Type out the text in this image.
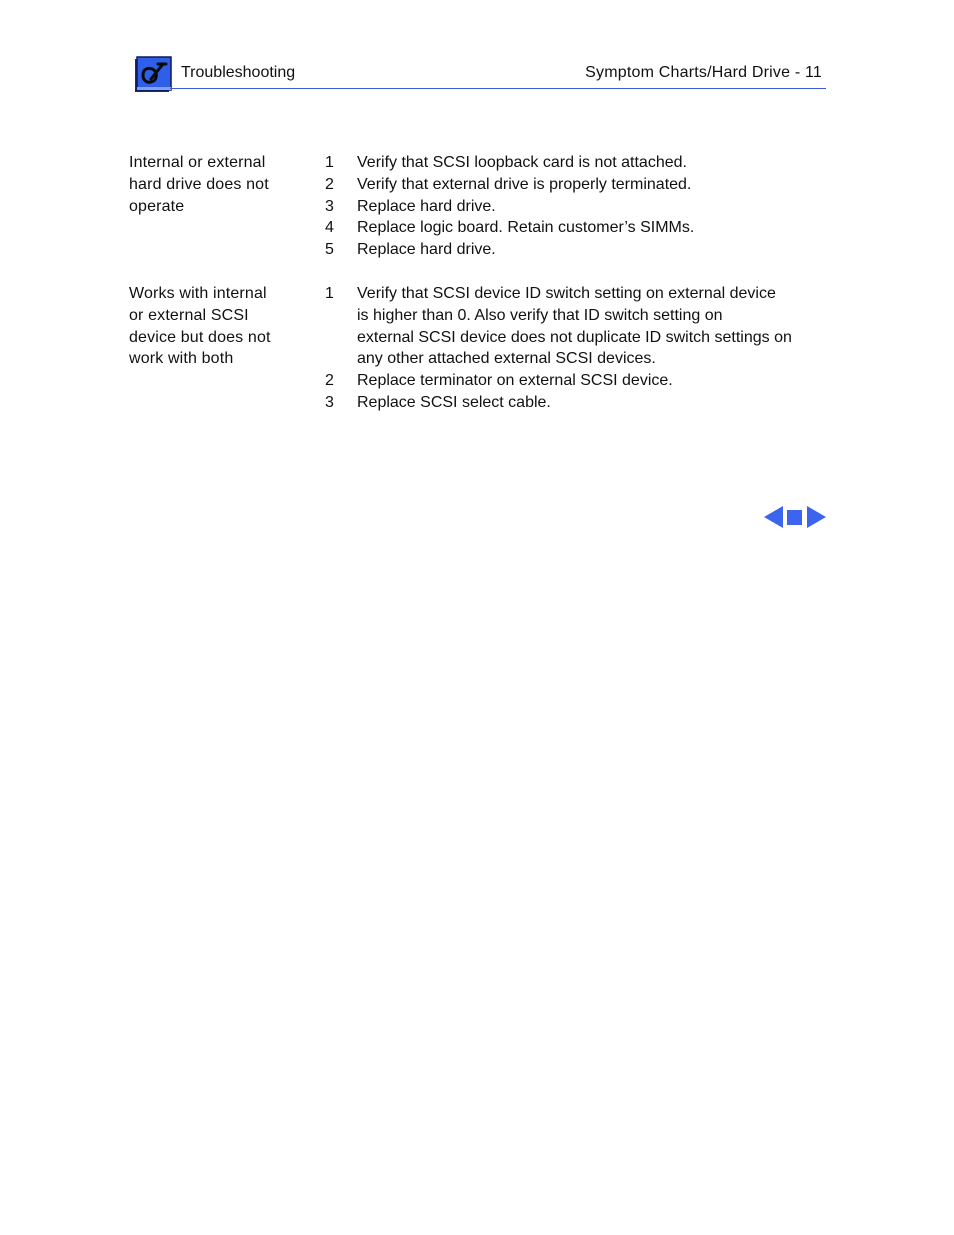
Troubleshooting	Symptom Charts/Hard Drive - 11
Internal or external
hard drive does not
operate
1	Verify that SCSI loopback card is not attached.
2	Verify that external drive is properly terminated.
3	Replace hard drive.
4	Replace logic board. Retain customer’s SIMMs.
5	Replace hard drive.
Works with internal
or external SCSI
device but does not
work with both
1	Verify that SCSI device ID switch setting on external device
is higher than 0. Also verify that ID switch setting on
external SCSI device does not duplicate ID switch settings on
any other attached external SCSI devices.
2	Replace terminator on external SCSI device.
3	Replace SCSI select cable.
